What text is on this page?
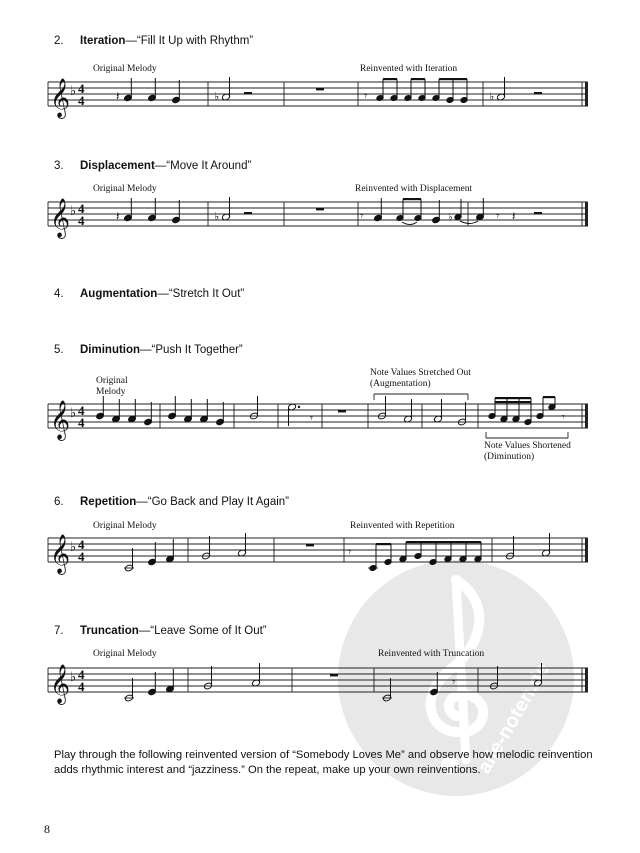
alle-noten.de
2. Iteration—“Fill It Up with Rhythm”
Original Melody	Reinvented with Iteration
𝄞 ♭ 4
4	𝄽	♭	𝄾	♭
3. Displacement—“Move It Around”
Original Melody	Reinvented with Displacement
𝄞 ♭ 4
4	𝄽	♭	𝄾	♭	𝄾 𝄽
4. Augmentation—“Stretch It Out”
5. Diminution—“Push It Together”
Original
Melody
Note Values Stretched Out
(Augmentation)
Note Values Shortened
(Diminution)
𝄞 ♭ 4
4	𝄾	𝄾
6. Repetition—“Go Back and Play It Again”
Original Melody	Reinvented with Repetition
𝄞 ♭ 4
4	𝄾
7. Truncation—“Leave Some of It Out”
Original Melody	Reinvented with Truncation
𝄞 ♭ 4
4	𝄾
Play through the following reinvented version of “Somebody Loves Me” and observe how melodic reinvention adds rhythmic interest and “jazziness.” On the repeat, make up your own reinventions.
8
